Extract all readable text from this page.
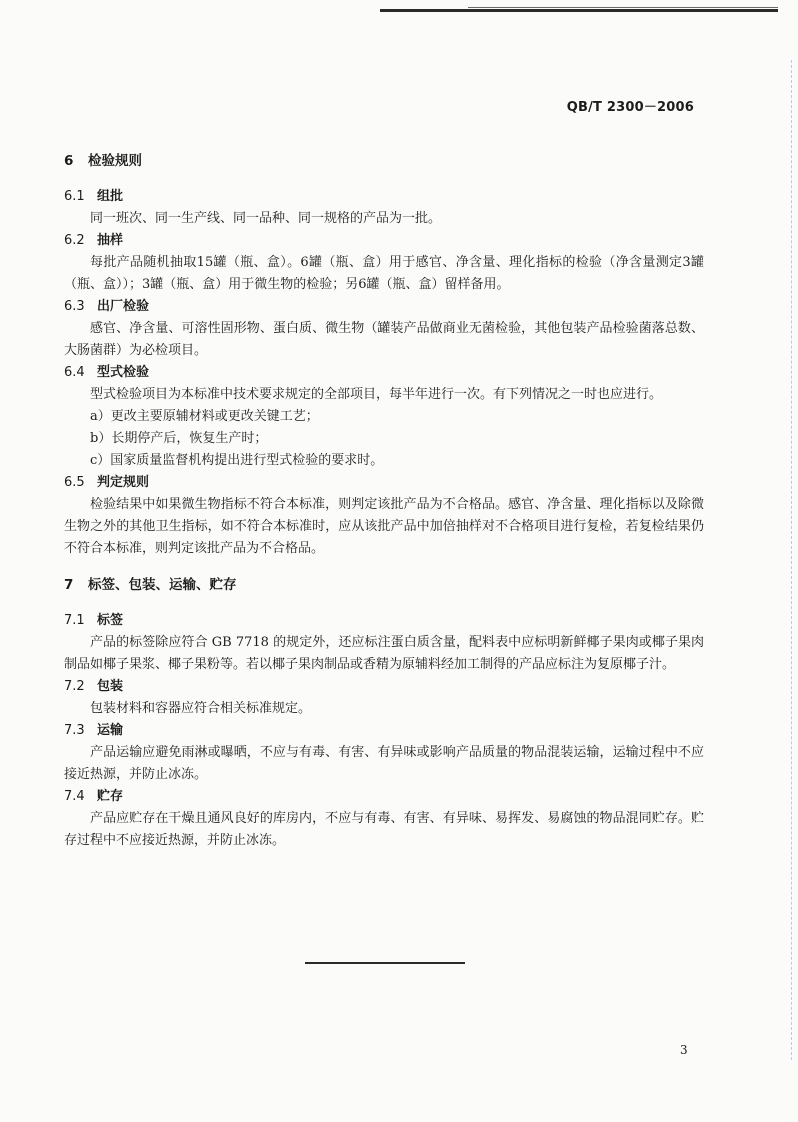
QB/T 2300－2006
6 检验规则
6.1 组批

同一班次、同一生产线、同一品种、同一规格的产品为一批。

6.2 抽样

每批产品随机抽取15罐（瓶、盒）。6罐（瓶、盒）用于感官、净含量、理化指标的检验（净含量测定3罐（瓶、盒））；3罐（瓶、盒）用于微生物的检验；另6罐（瓶、盒）留样备用。

6.3 出厂检验

感官、净含量、可溶性固形物、蛋白质、微生物（罐装产品做商业无菌检验，其他包装产品检验菌落总数、大肠菌群）为必检项目。

6.4 型式检验

型式检验项目为本标准中技术要求规定的全部项目，每半年进行一次。有下列情况之一时也应进行。

a）更改主要原辅材料或更改关键工艺；

b）长期停产后，恢复生产时；

c）国家质量监督机构提出进行型式检验的要求时。

6.5 判定规则

检验结果中如果微生物指标不符合本标准，则判定该批产品为不合格品。感官、净含量、理化指标以及除微生物之外的其他卫生指标，如不符合本标准时，应从该批产品中加倍抽样对不合格项目进行复检，若复检结果仍不符合本标准，则判定该批产品为不合格品。

7 标签、包装、运输、贮存
7.1 标签

产品的标签除应符合 GB 7718 的规定外，还应标注蛋白质含量，配料表中应标明新鲜椰子果肉或椰子果肉制品如椰子果浆、椰子果粉等。若以椰子果肉制品或香精为原辅料经加工制得的产品应标注为复原椰子汁。

7.2 包装

包装材料和容器应符合相关标准规定。

7.3 运输

产品运输应避免雨淋或曝晒，不应与有毒、有害、有异味或影响产品质量的物品混装运输，运输过程中不应接近热源，并防止冰冻。

7.4 贮存

产品应贮存在干燥且通风良好的库房内，不应与有毒、有害、有异味、易挥发、易腐蚀的物品混同贮存。贮存过程中不应接近热源，并防止冰冻。

3
